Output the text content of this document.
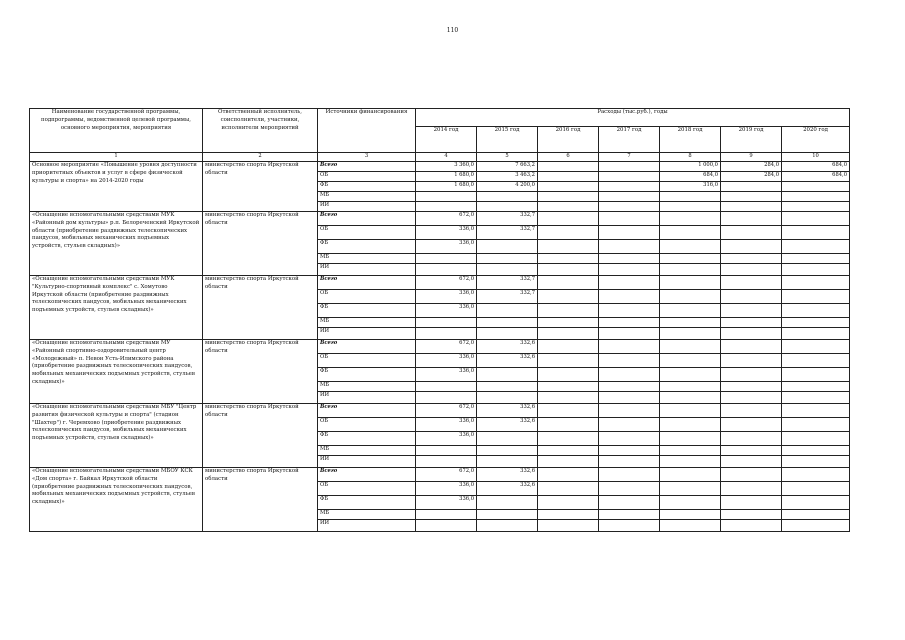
110
Наименование государственной программы, подпрограммы, ведомственной целевой программы, основного мероприятия, мероприятия	Ответственный исполнитель, соисполнители, участники, исполнители мероприятий	Источники финансирования	Расходы (тыс.руб.), годы						
			2014 год	2015 год	2016 год	2017 год	2018 год	2019 год	2020 год
1	2	3	4	5	6	7	8	9	10
Основное мероприятие «Повышение уровня доступности приоритетных объектов и услуг в сфере физической культуры и спорта» на 2014-2020 годы	министерство спорта Иркутской области	Всего	3 360,0	7 663,2			1 000,0	284,0	684,0
		ОБ	1 680,0	3 463,2			684,0	284,0	684,0
		ФБ	1 680,0	4 200,0			316,0		
		МБ							
		ИИ							
«Оснащение вспомогательными средствами МУК «Районный дом культуры» р.п. Белореченский Иркутской области (приобретение раздвижных телескопических пандусов, мобильных механических подъемных устройств, стульев складных)»	министерство спорта Иркутской области	Всего	672,0	332,7					
		ОБ	336,0	332,7					
		ФБ	336,0						
		МБ							
		ИИ							
«Оснащение вспомогательными средствами МУК "Культурно-спортивный комплекс" с. Хомутово Иркутской области (приобретение раздвижных телескопических пандусов, мобильных механических подъемных устройств, стульев складных)»	министерство спорта Иркутской области	Всего	672,0	332,7					
		ОБ	336,0	332,7					
		ФБ	336,0						
		МБ							
		ИИ							
«Оснащение вспомогательными средствами МУ «Районный спортивно-оздоровительный центр «Молодежный» п. Невон Усть-Илимского района (приобретение раздвижных телескопических пандусов, мобильных механических подъемных устройств, стульев складных)»	министерство спорта Иркутской области	Всего	672,0	332,6					
		ОБ	336,0	332,6					
		ФБ	336,0						
		МБ							
		ИИ							
«Оснащение вспомогательными средствами МБУ "Центр развития физической культуры и спорта" (стадион "Шахтер") г. Черемхово (приобретение раздвижных телескопических пандусов, мобильных механических подъемных устройств, стульев складных)»	министерство спорта Иркутской области	Всего	672,0	332,6					
		ОБ	336,0	332,6					
		ФБ	336,0						
		МБ							
		ИИ							
«Оснащение вспомогательными средствами МБОУ КСК «Дом спорта» г. Байкал Иркутской области (приобретение раздвижных телескопических пандусов, мобильных механических подъемных устройств, стульев складных)»	министерство спорта Иркутской области	Всего	672,0	332,6					
		ОБ	336,0	332,6					
		ФБ	336,0						
		МБ							
		ИИ							
